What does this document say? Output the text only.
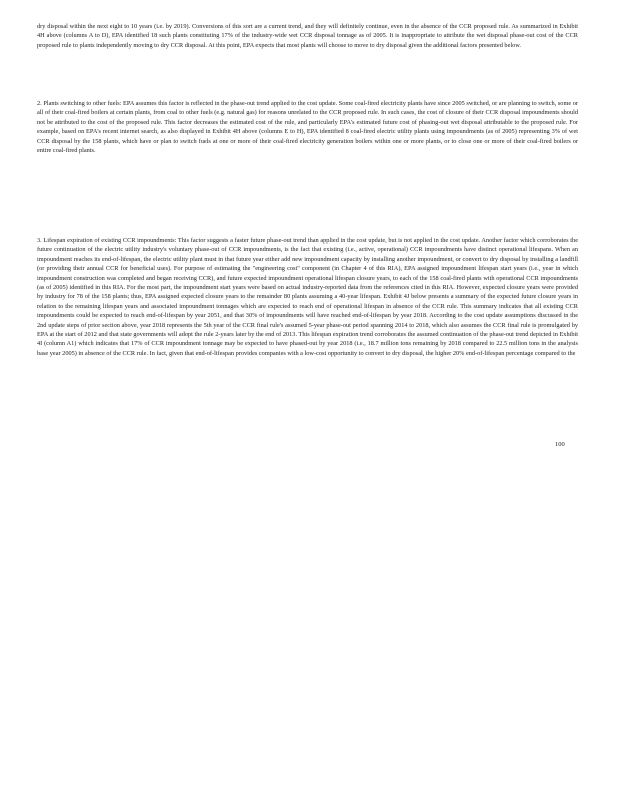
dry disposal within the next eight to 10 years (i.e. by 2019). Conversions of this sort are a current trend, and they will definitely continue, even in the absence of the CCR proposed rule. As summarized in Exhibit 4H above (columns A to D), EPA identified 18 such plants constituting 17% of the industry-wide wet CCR disposal tonnage as of 2005. It is inappropriate to attribute the wet disposal phase-out cost of the CCR proposed rule to plants independently moving to dry CCR disposal. At this point, EPA expects that most plants will choose to move to dry disposal given the additional factors presented below.

2. Plants switching to other fuels: EPA assumes this factor is reflected in the phase-out trend applied to the cost update. Some coal-fired electricity plants have since 2005 switched, or are planning to switch, some or all of their coal-fired boilers at certain plants, from coal to other fuels (e.g. natural gas) for reasons unrelated to the CCR proposed rule. In such cases, the cost of closure of their CCR disposal impoundments should not be attributed to the cost of the proposed rule. This factor decreases the estimated cost of the rule, and particularly EPA's estimated future cost of phasing-out wet disposal attributable to the proposed rule. For example, based on EPA's recent internet search, as also displayed in Exhibit 4H above (columns E to H), EPA identified 8 coal-fired electric utility plants using impoundments (as of 2005) representing 3% of wet CCR disposal by the 158 plants, which have or plan to switch fuels at one or more of their coal-fired electricity generation boilers within one or more plants, or to close one or more of their coal-fired boilers or entire coal-fired plants.

3. Lifespan expiration of existing CCR impoundments: This factor suggests a faster future phase-out trend than applied in the cost update, but is not applied in the cost update. Another factor which corroborates the future continuation of the electric utility industry's voluntary phase-out of CCR impoundments, is the fact that existing (i.e., active, operational) CCR impoundments have distinct operational lifespans. When an impoundment reaches its end-of-lifespan, the electric utility plant must in that future year either add new impoundment capacity by installing another impoundment, or convert to dry disposal by installing a landfill (or providing their annual CCR for beneficial uses). For purpose of estimating the "engineering cost" component (in Chapter 4 of this RIA), EPA assigned impoundment lifespan start years (i.e., year in which impoundment construction was completed and began receiving CCR), and future expected impoundment operational lifespan closure years, to each of the 158 coal-fired plants with operational CCR impoundments (as of 2005) identified in this RIA. For the most part, the impoundment start years were based on actual industry-reported data from the references cited in this RIA. However, expected closure years were provided by industry for 78 of the 158 plants; thus, EPA assigned expected closure years to the remainder 80 plants assuming a 40-year lifespan. Exhibit 4J below presents a summary of the expected future closure years in relation to the remaining lifespan years and associated impoundment tonnages which are expected to reach end of operational lifespan in absence of the CCR rule. This summary indicates that all existing CCR impoundments could be expected to reach end-of-lifespan by year 2051, and that 30% of impoundments will have reached end-of-lifespan by year 2018. According to the cost update assumptions discussed in the 2nd update steps of prior section above, year 2018 represents the 5th year of the CCR final rule's assumed 5-year phase-out period spanning 2014 to 2018, which also assumes the CCR final rule is promulgated by EPA at the start of 2012 and that state governments will adopt the rule 2-years later by the end of 2013. This lifespan expiration trend corroborates the assumed continuation of the phase-out trend depicted in Exhibit 4I (column A1) which indicates that 17% of CCR impoundment tonnage may be expected to have phased-out by year 2018 (i.e., 18.7 million tons remaining by 2018 compared to 22.5 million tons in the analysis base year 2005) in absence of the CCR rule. In fact, given that end-of-lifespan provides companies with a low-cost opportunity to convert to dry disposal, the higher 20% end-of-lifespan percentage compared to the

100
